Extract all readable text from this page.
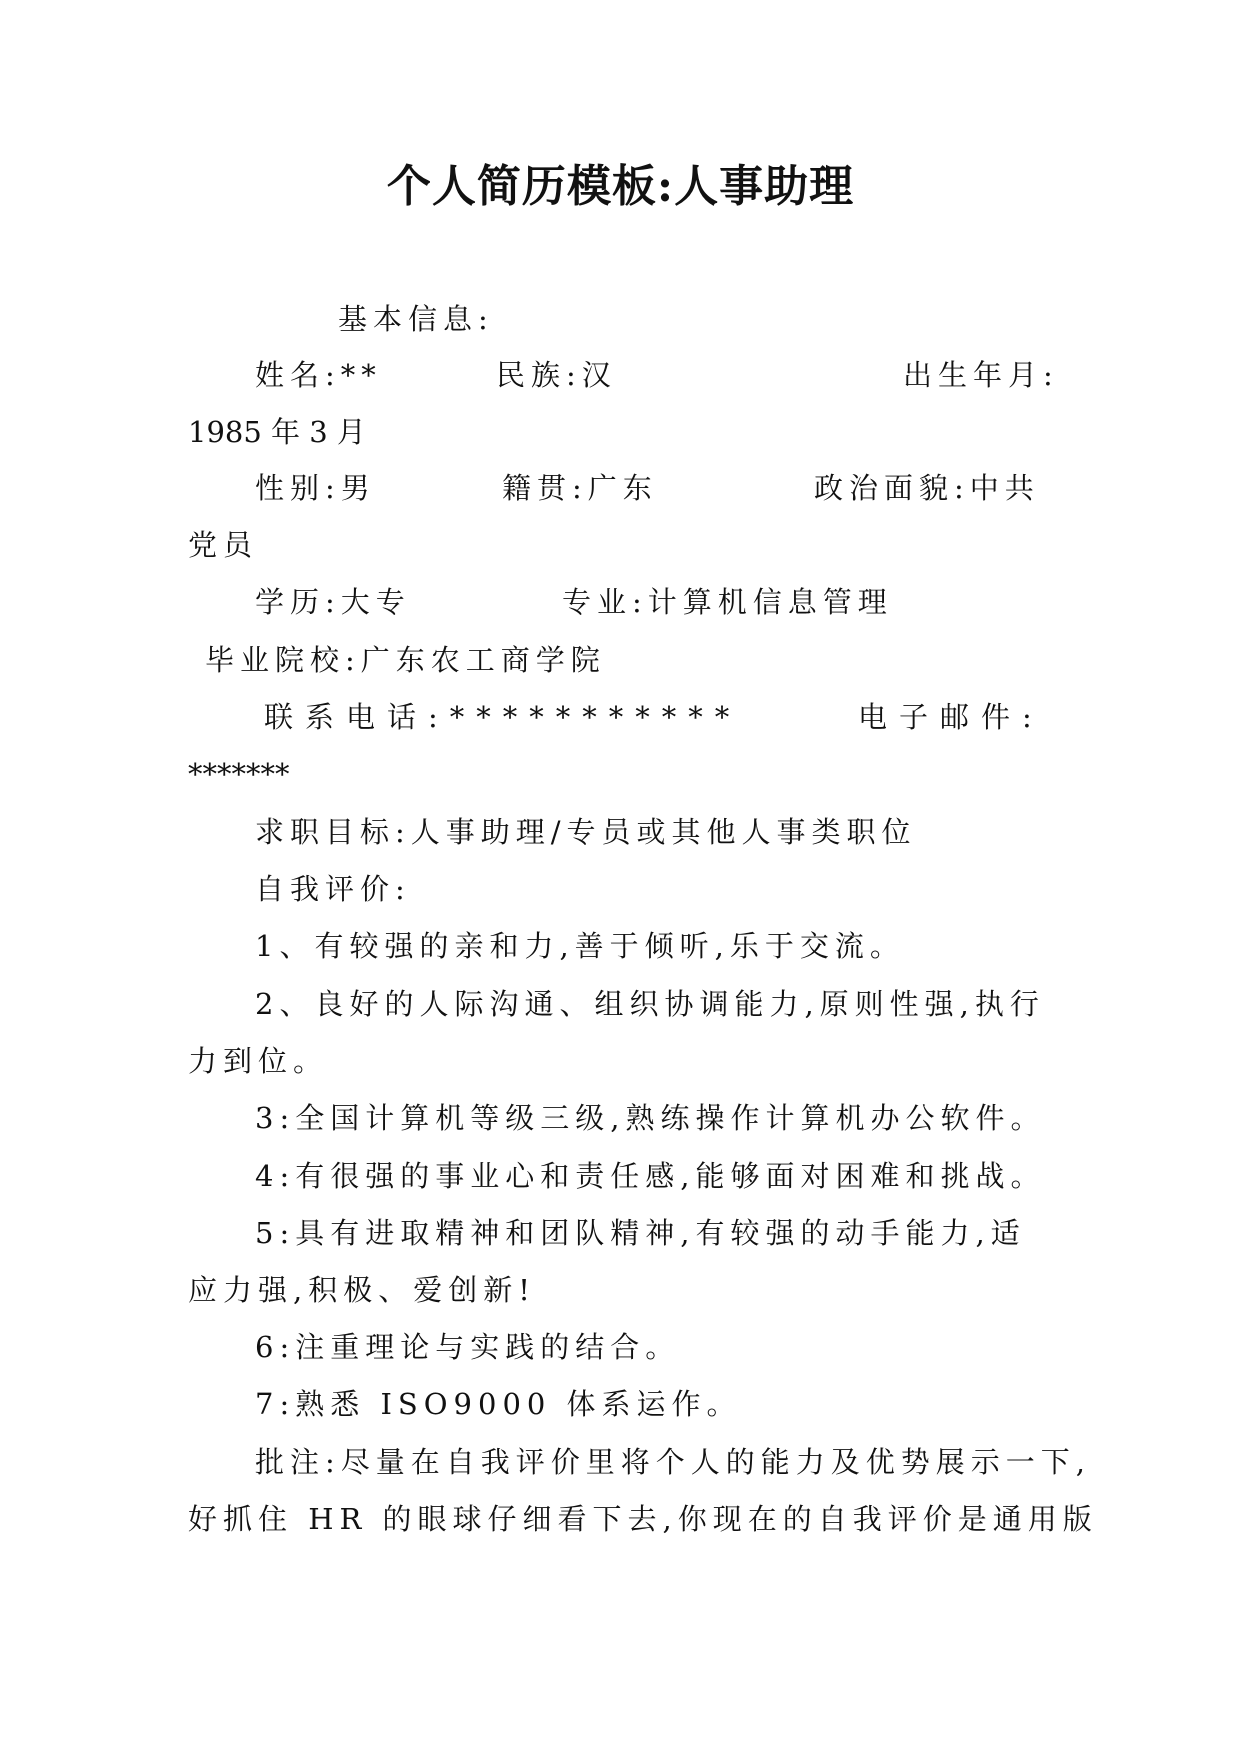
个人简历模板:人事助理
基本信息:
姓名:**	民族:汉	出生年月:
1985 年 3 月
性别:男	籍贯:广东	政治面貌:中共
党员
学历:大专	专业:计算机信息管理
毕业院校:广东农工商学院
联系电话:***********	电子邮件:
*******
求职目标:人事助理/专员或其他人事类职位
自我评价:
1、有较强的亲和力,善于倾听,乐于交流。
2、良好的人际沟通、组织协调能力,原则性强,执行
力到位。
3:全国计算机等级三级,熟练操作计算机办公软件。
4:有很强的事业心和责任感,能够面对困难和挑战。
5:具有进取精神和团队精神,有较强的动手能力,适
应力强,积极、爱创新!
6:注重理论与实践的结合。
7:熟悉 ISO9000 体系运作。
批注:尽量在自我评价里将个人的能力及优势展示一下,
好抓住 HR 的眼球仔细看下去,你现在的自我评价是通用版
